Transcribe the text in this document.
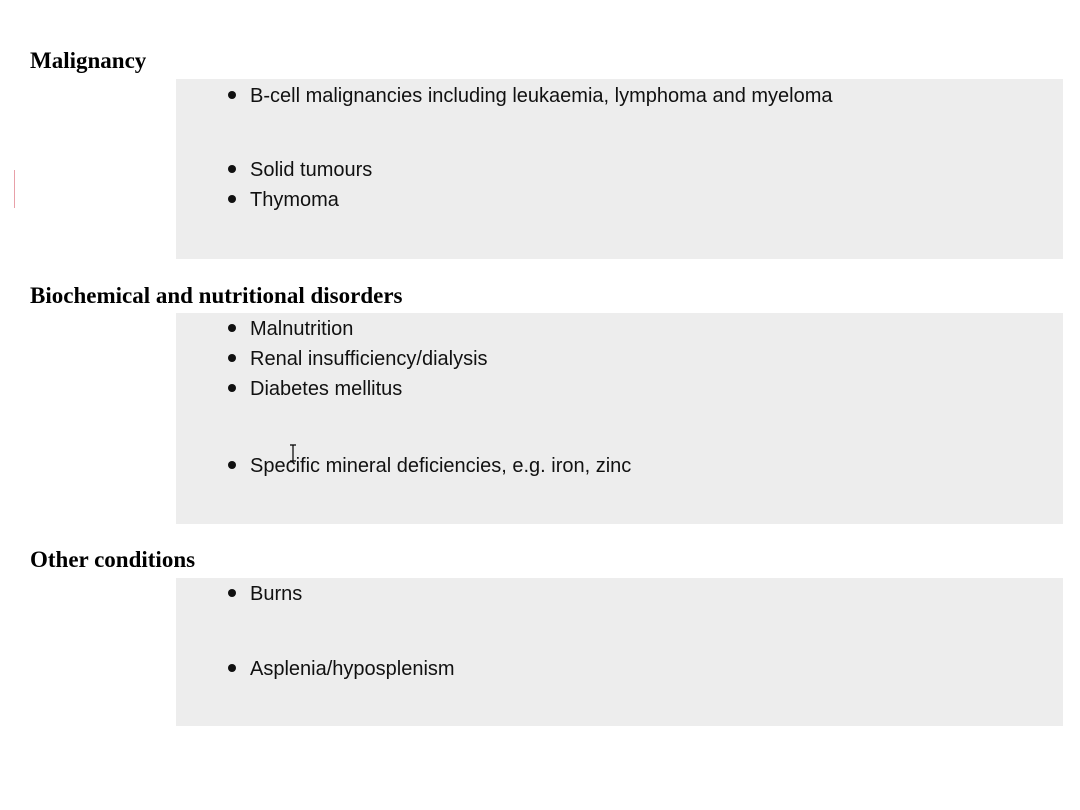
Malignancy
B-cell malignancies including leukaemia, lymphoma and myeloma
Solid tumours
Thymoma
Biochemical and nutritional disorders
Malnutrition
Renal insufficiency/dialysis
Diabetes mellitus
Specific mineral deficiencies, e.g. iron, zinc
Other conditions
Burns
Asplenia/hyposplenism
